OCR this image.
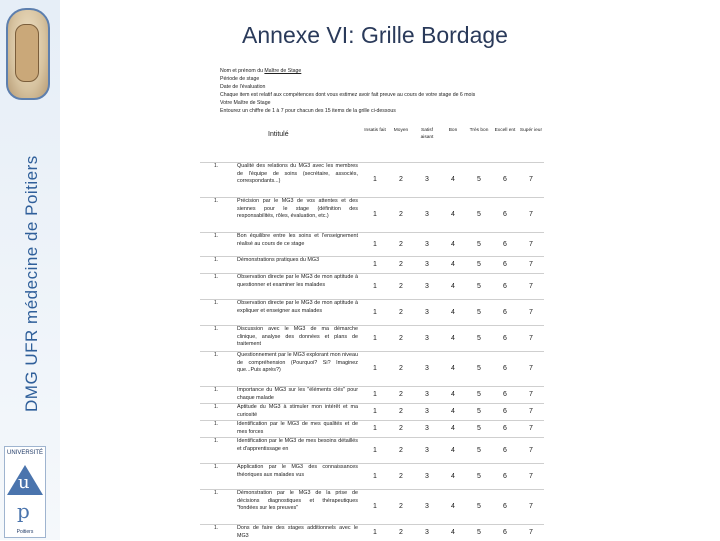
DMG UFR médecine de Poitiers
UNIVERSITÉ
u
p
Poitiers
Annexe VI: Grille Bordage
Nom et prénom du Maître de Stage
Période de stage
Date de l'évaluation
Chaque item est relatif aux compétences dont vous estimez avoir fait preuve au cours de votre stage de 6 mois
Votre Maître de Stage
Entourez un chiffre de 1 à 7 pour chacun des 15 items de la grille ci-dessous
Intitulé		Insatis fait	Moyen	Satisf aisant	Bon	Très bon	Excell ent	Supér ieur
1.	Qualité des relations du MG3 avec les membres de l'équipe de soins (secrétaire, associés, correspondants...)	1	2	3	4	5	6	7
1.	Précision par le MG3 de vos attentes et des siennes pour le stage (définition des responsabilités, rôles, évaluation, etc.)	1	2	3	4	5	6	7
1.	Bon équilibre entre les soins et l'enseignement réalisé au cours de ce stage	1	2	3	4	5	6	7
1.	Démonstrations pratiques du MG3	1	2	3	4	5	6	7
1.	Observation directe par le MG3 de mon aptitude à questionner et examiner les malades	1	2	3	4	5	6	7
1.	Observation directe par le MG3 de mon aptitude à expliquer et enseigner aux malades	1	2	3	4	5	6	7
1.	Discussion avec le MG3 de ma démarche clinique, analyse des données et plans de traitement	1	2	3	4	5	6	7
1.	Questionnement par le MG3 explorant mon niveau de compréhension (Pourquoi? Si? Imaginez que...Puis après?)	1	2	3	4	5	6	7
1.	Importance du MG3 sur les "éléments clés" pour chaque malade	1	2	3	4	5	6	7
1.	Aptitude du MG3 à stimuler mon intérêt et ma curiosité	1	2	3	4	5	6	7
1.	Identification par le MG3 de mes qualités et de mes forces	1	2	3	4	5	6	7
1.	Identification par le MG3 de mes besoins détaillés et d'apprentissage en	1	2	3	4	5	6	7
1.	Application par le MG3 des connaissances théoriques aux malades vus	1	2	3	4	5	6	7
1.	Démonstration par le MG3 de la prise de décisions diagnostiques et thérapeutiques "fondées sur les preuves"	1	2	3	4	5	6	7
1.	Dons de faire des stages additionnels avec le MG3	1	2	3	4	5	6	7
